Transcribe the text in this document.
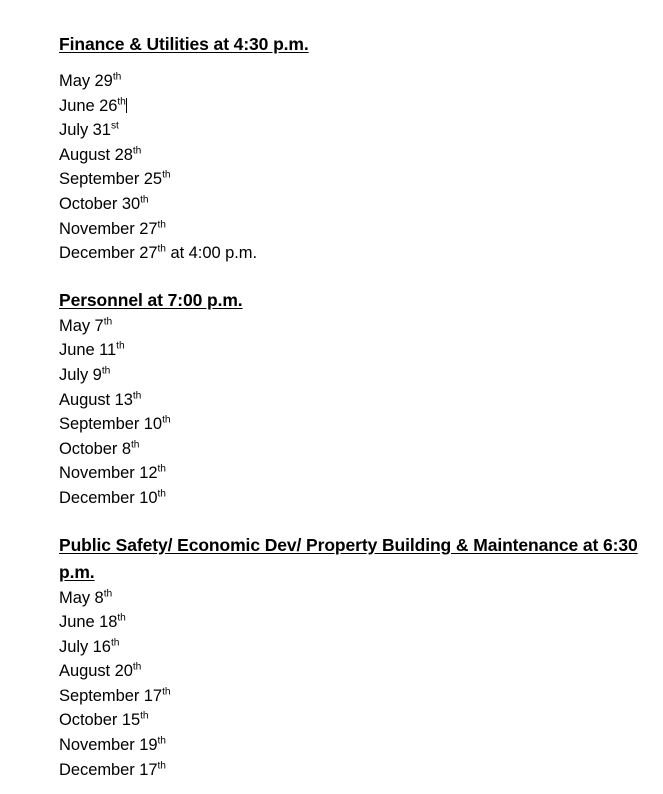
Finance & Utilities at 4:30 p.m.
May 29th
June 26th
July 31st
August 28th
September 25th
October 30th
November 27th
December 27th at 4:00 p.m.
Personnel at 7:00 p.m.
May 7th
June 11th
July 9th
August 13th
September 10th
October 8th
November 12th
December 10th
Public Safety/ Economic Dev/ Property Building & Maintenance at 6:30 p.m.
May 8th
June 18th
July 16th
August 20th
September 17th
October 15th
November 19th
December 17th
